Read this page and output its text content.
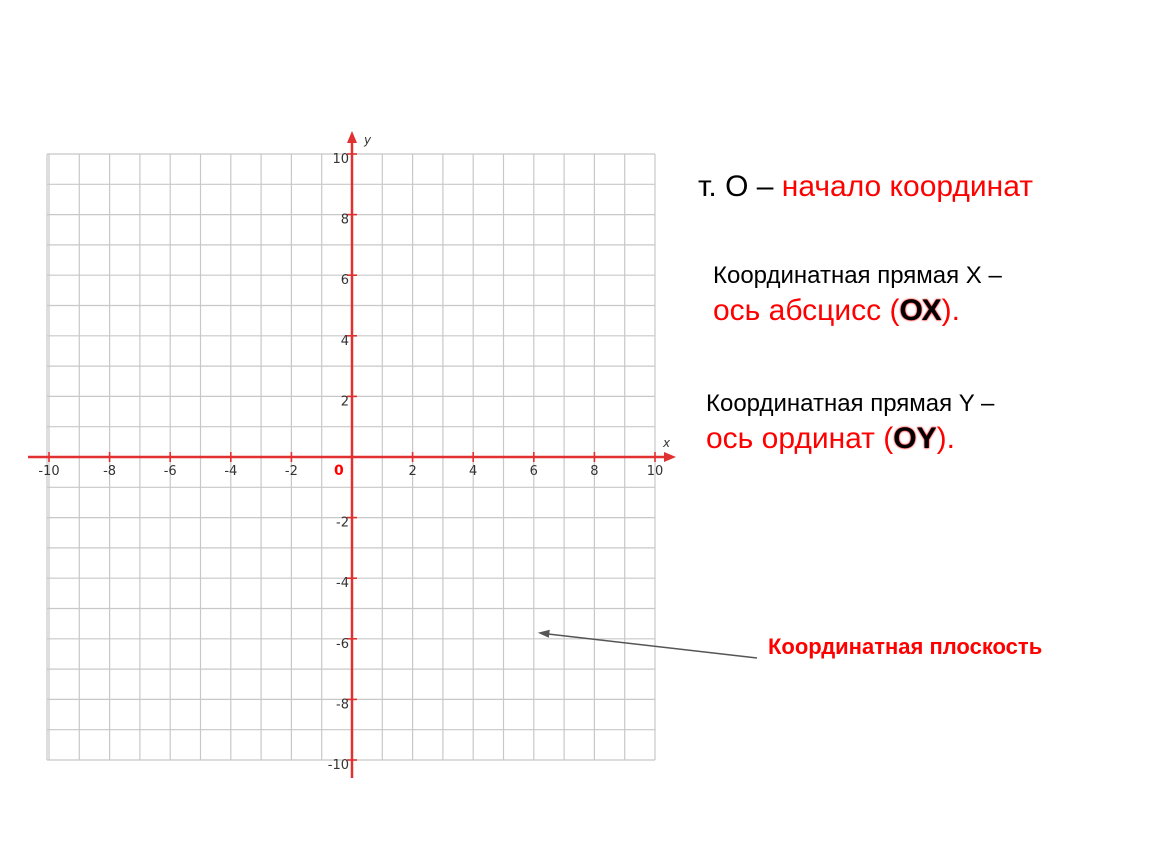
-10	-8	-6	-4	-2	2	4	6	8	10
10
8
6
4
2
-2
-4
-6
-8
-10
x
y
0
т. О – начало координат
Координатная прямая X –
ось абсцисс (ОХ).
Координатная прямая Y –
ось ординат (OY).
Координатная плоскость
